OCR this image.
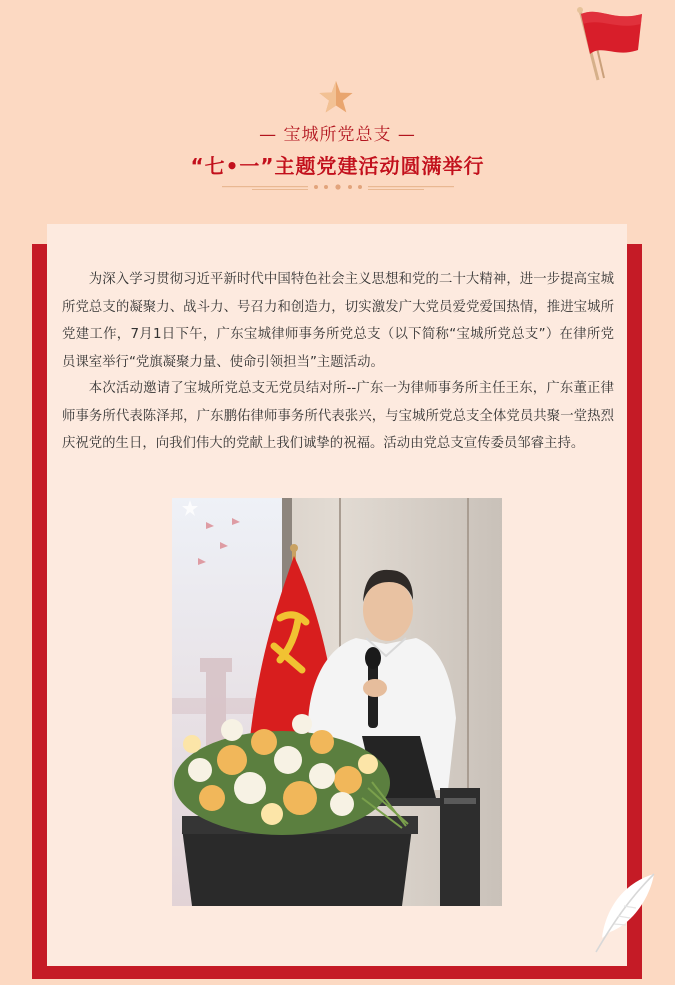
— 宝城所党总支 —
“七•一”主题党建活动圆满举行

为深入学习贯彻习近平新时代中国特色社会主义思想和党的二十大精神，进一步提高宝城所党总支的凝聚力、战斗力、号召力和创造力，切实激发广大党员爱党爱国热情，推进宝城所党建工作，7月1日下午，广东宝城律师事务所党总支（以下简称“宝城所党总支”）在律所党员课室举行“党旗凝聚力量、使命引领担当”主题活动。

本次活动邀请了宝城所党总支无党员结对所--广东一为律师事务所主任王东，广东董正律师事务所代表陈泽邦，广东鹏佑律师事务所代表张兴，与宝城所党总支全体党员共聚一堂热烈庆祝党的生日，向我们伟大的党献上我们诚挚的祝福。活动由党总支宣传委员邹睿主持。
